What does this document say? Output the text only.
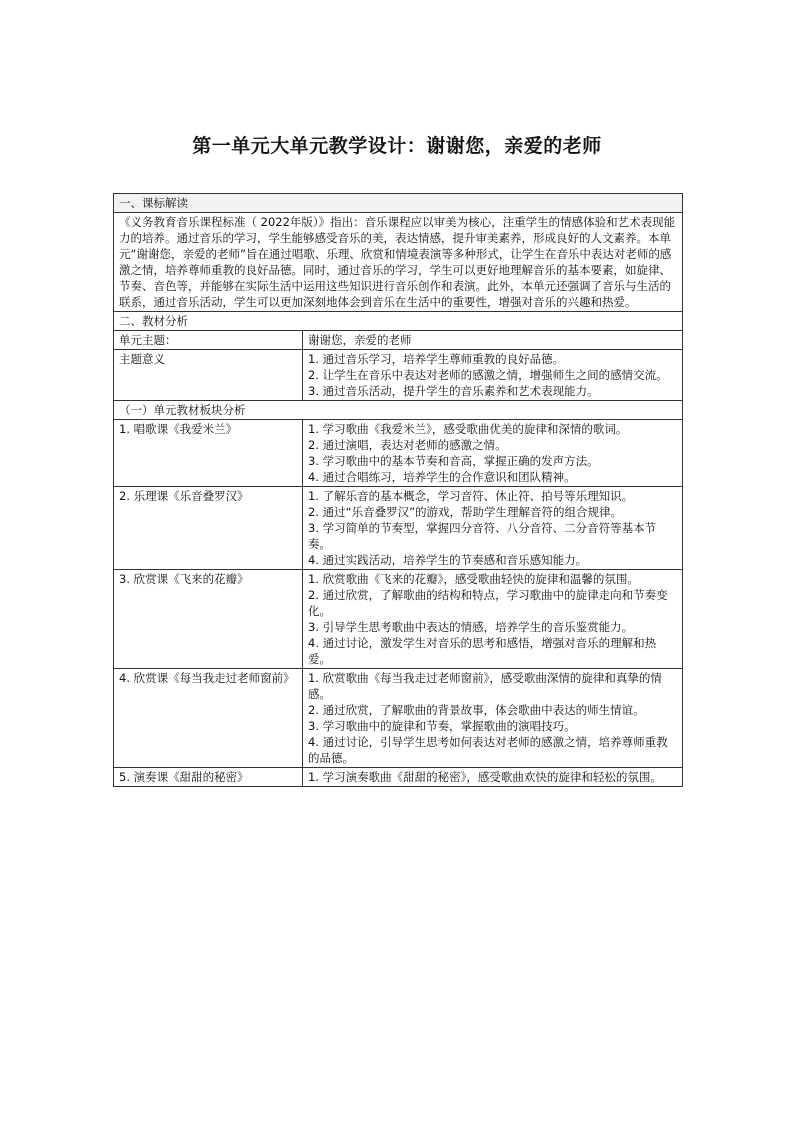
第一单元大单元教学设计：谢谢您，亲爱的老师
一、课标解读	
《义务教育音乐课程标准（ 2022年版）》指出：音乐课程应以审美为核心，注重学生的情感体验和艺术表现能力的培养。通过音乐的学习，学生能够感受音乐的美，表达情感，提升审美素养，形成良好的人文素养。本单元“谢谢您，亲爱的老师”旨在通过唱歌、乐理、欣赏和情境表演等多种形式，让学生在音乐中表达对老师的感激之情，培养尊师重教的良好品德。同时，通过音乐的学习，学生可以更好地理解音乐的基本要素，如旋律、节奏、音色等，并能够在实际生活中运用这些知识进行音乐创作和表演。此外，本单元还强调了音乐与生活的联系，通过音乐活动，学生可以更加深刻地体会到音乐在生活中的重要性，增强对音乐的兴趣和热爱。	
二、教材分析	
单元主题：	谢谢您，亲爱的老师
主题意义	1. 通过音乐学习，培养学生尊师重教的良好品德。
2. 让学生在音乐中表达对老师的感激之情，增强师生之间的感情交流。
3. 通过音乐活动，提升学生的音乐素养和艺术表现能力。

（一）单元教材板块分析	
1. 唱歌课《我爱米兰》	1. 学习歌曲《我爱米兰》，感受歌曲优美的旋律和深情的歌词。
2. 通过演唱，表达对老师的感激之情。
3. 学习歌曲中的基本节奏和音高，掌握正确的发声方法。
4. 通过合唱练习，培养学生的合作意识和团队精神。

2. 乐理课《乐音叠罗汉》	1. 了解乐音的基本概念，学习音符、休止符、拍号等乐理知识。
2. 通过“乐音叠罗汉”的游戏，帮助学生理解音符的组合规律。
3. 学习简单的节奏型，掌握四分音符、八分音符、二分音符等基本节奏。
4. 通过实践活动，培养学生的节奏感和音乐感知能力。

3. 欣赏课《飞来的花瓣》	1. 欣赏歌曲《飞来的花瓣》，感受歌曲轻快的旋律和温馨的氛围。
2. 通过欣赏，了解歌曲的结构和特点，学习歌曲中的旋律走向和节奏变化。
3. 引导学生思考歌曲中表达的情感，培养学生的音乐鉴赏能力。
4. 通过讨论，激发学生对音乐的思考和感悟，增强对音乐的理解和热爱。

4. 欣赏课《每当我走过老师窗前》	1. 欣赏歌曲《每当我走过老师窗前》，感受歌曲深情的旋律和真挚的情感。
2. 通过欣赏，了解歌曲的背景故事，体会歌曲中表达的师生情谊。
3. 学习歌曲中的旋律和节奏，掌握歌曲的演唱技巧。
4. 通过讨论，引导学生思考如何表达对老师的感激之情，培养尊师重教的品德。

5. 演奏课《甜甜的秘密》	1. 学习演奏歌曲《甜甜的秘密》，感受歌曲欢快的旋律和轻松的氛围。
